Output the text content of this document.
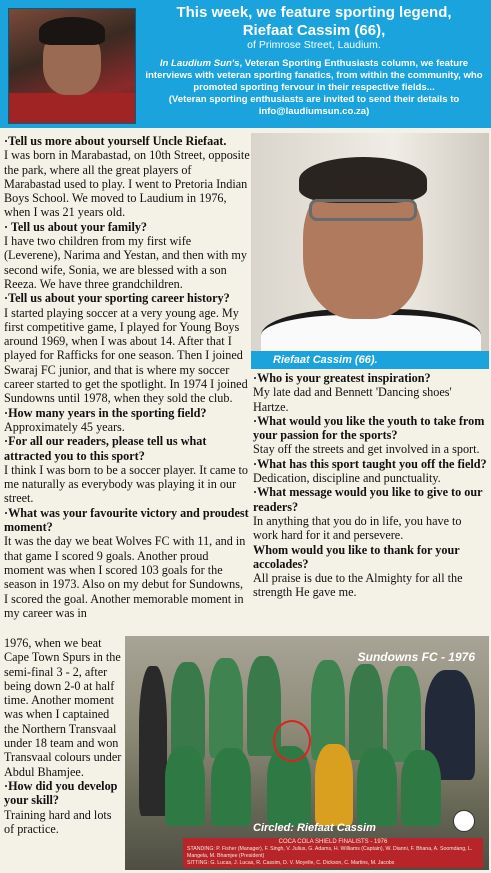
This week, we feature sporting legend,
Riefaat Cassim (66),
of Primrose Street, Laudium.
In Laudium Sun's, Veteran Sporting Enthusiasts column, we feature interviews with veteran sporting fanatics, from within the community, who promoted sporting fervour in their respective fields...
(Veteran sporting enthusiasts are invited to send their details to info@laudiumsun.co.za)

·Tell us more about yourself Uncle Riefaat.

I was born in Marabastad, on 10th Street, opposite the park, where all the great players of Marabastad used to play. I went to Pretoria Indian Boys School. We moved to Laudium in 1976, when I was 21 years old.

· Tell us about your family?

I have two children from my first wife (Leverene), Narima and Yestan, and then with my second wife, Sonia, we are blessed with a son Reeza. We have three grandchildren.

·Tell us about your sporting career history?

I started playing soccer at a very young age. My first competitive game, I played for Young Boys around 1969, when I was about 14. After that I played for Rafficks for one season. Then I joined Swaraj FC junior, and that is where my soccer career started to get the spotlight. In 1974 I joined Sundowns until 1978, when they sold the club.

·How many years in the sporting field?

Approximately 45 years.

·For all our readers, please tell us what attracted you to this sport?

I think I was born to be a soccer player. It came to me naturally as everybody was playing it in our street.

·What was your favourite victory and proudest moment?

It was the day we beat Wolves FC with 11, and in that game I scored 9 goals. Another proud moment was when I scored 103 goals for the season in 1973. Also on my debut for Sundowns, I scored the goal. Another memorable moment in my career was in

1976, when we beat Cape Town Spurs in the semi-final 3 - 2, after being down 2-0 at half time. Another moment was when I captained the Northern Transvaal under 18 team and won Transvaal colours under Abdul Bhamjee.

·How did you develop your skill?

Training hard and lots of practice.

Riefaat Cassim (66).

·Who is your greatest inspiration?

My late dad and Bennett 'Dancing shoes' Hartze.

·What would you like the youth to take from your passion for the sports?

Stay off the streets and get involved in a sport.

·What has this sport taught you off the field?

Dedication, discipline and punctuality.

·What message would you like to give to our readers?

In anything that you do in life, you have to work hard for it and persevere.

Whom would you like to thank for your accolades?

All praise is due to the Almighty for all the strength He gave me.

Sundowns FC - 1976
Circled: Riefaat Cassim
COCA COLA SHIELD FINALISTS - 1976
STANDING: P. Fisher (Manager), F. Singh, V. Julius, G. Adams, H. Williams (Captain), W. Dianni, F. Bhana, A. Soomdang, L. Mangela, M. Bhamjee (President)
SITTING: G. Lucas, J. Lucas, R. Cassim, D. V. Moyelle, C. Dickson, C. Martins, M. Jacobs
